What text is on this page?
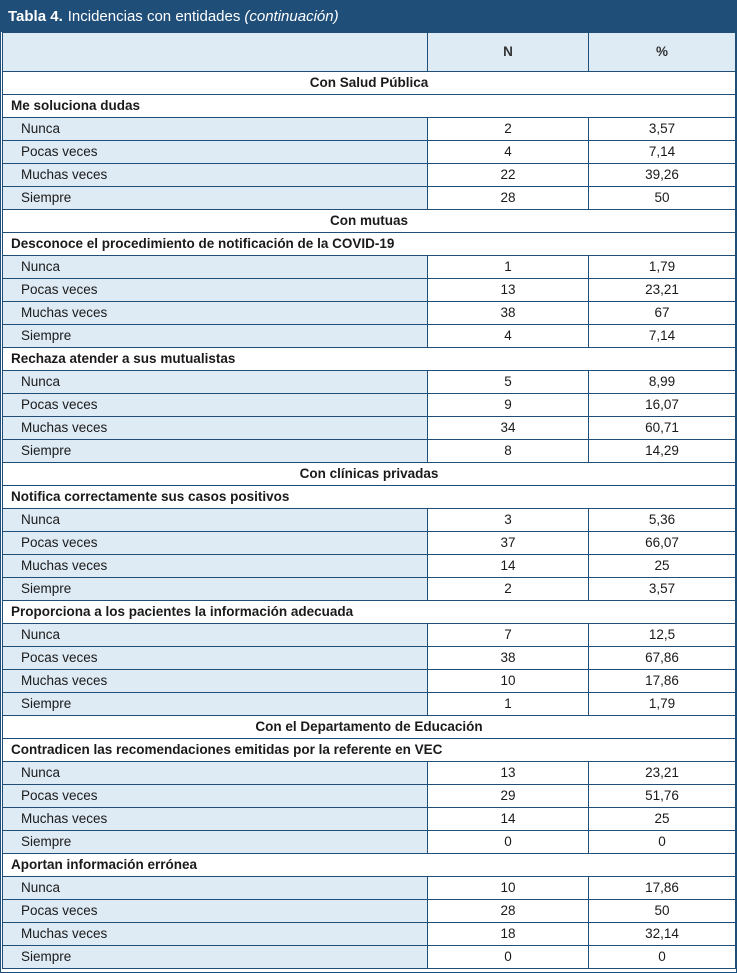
Tabla 4. Incidencias con entidades (continuación)
	N	%
Con Salud Pública		
Me soluciona dudas		
Nunca	2	3,57
Pocas veces	4	7,14
Muchas veces	22	39,26
Siempre	28	50
Con mutuas		
Desconoce el procedimiento de notificación de la COVID-19		
Nunca	1	1,79
Pocas veces	13	23,21
Muchas veces	38	67
Siempre	4	7,14
Rechaza atender a sus mutualistas		
Nunca	5	8,99
Pocas veces	9	16,07
Muchas veces	34	60,71
Siempre	8	14,29
Con clínicas privadas		
Notifica correctamente sus casos positivos		
Nunca	3	5,36
Pocas veces	37	66,07
Muchas veces	14	25
Siempre	2	3,57
Proporciona a los pacientes la información adecuada		
Nunca	7	12,5
Pocas veces	38	67,86
Muchas veces	10	17,86
Siempre	1	1,79
Con el Departamento de Educación		
Contradicen las recomendaciones emitidas por la referente en VEC		
Nunca	13	23,21
Pocas veces	29	51,76
Muchas veces	14	25
Siempre	0	0
Aportan información errónea		
Nunca	10	17,86
Pocas veces	28	50
Muchas veces	18	32,14
Siempre	0	0
